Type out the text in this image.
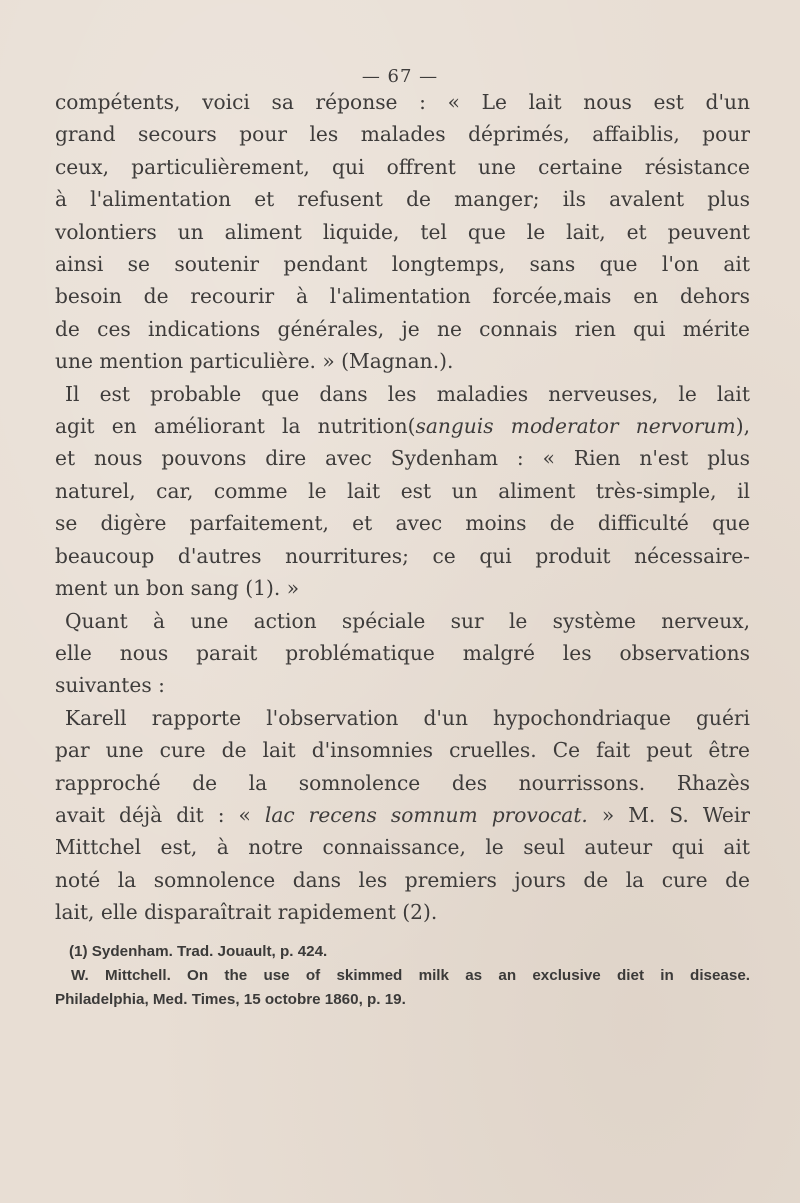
— 67 —

compétents, voici sa réponse : « Le lait nous est d'un
grand secours pour les malades déprimés, affaiblis, pour
ceux, particulièrement, qui offrent une certaine résistance
à l'alimentation et refusent de manger; ils avalent plus
volontiers un aliment liquide, tel que le lait, et peuvent
ainsi se soutenir pendant longtemps, sans que l'on ait
besoin de recourir à l'alimentation forcée,mais en dehors
de ces indications générales, je ne connais rien qui mérite
une mention particulière. » (Magnan.).

Il est probable que dans les maladies nerveuses, le lait
agit en améliorant la nutrition(sanguis moderator nervorum),
et nous pouvons dire avec Sydenham : « Rien n'est plus
naturel, car, comme le lait est un aliment très-simple, il
se digère parfaitement, et avec moins de difficulté que
beaucoup d'autres nourritures; ce qui produit nécessaire-
ment un bon sang (1). »

Quant à une action spéciale sur le système nerveux,
elle nous parait problématique malgré les observations
suivantes :

Karell rapporte l'observation d'un hypochondriaque guéri
par une cure de lait d'insomnies cruelles. Ce fait peut être
rapproché de la somnolence des nourrissons. Rhazès
avait déjà dit : « lac recens somnum provocat. » M. S. Weir
Mittchel est, à notre connaissance, le seul auteur qui ait
noté la somnolence dans les premiers jours de la cure de
lait, elle disparaîtrait rapidement (2).

(1) Sydenham. Trad. Jouault, p. 424.
W. Mittchell. On the use of skimmed milk as an exclusive diet in disease.
Philadelphia, Med. Times, 15 octobre 1860, p. 19.
